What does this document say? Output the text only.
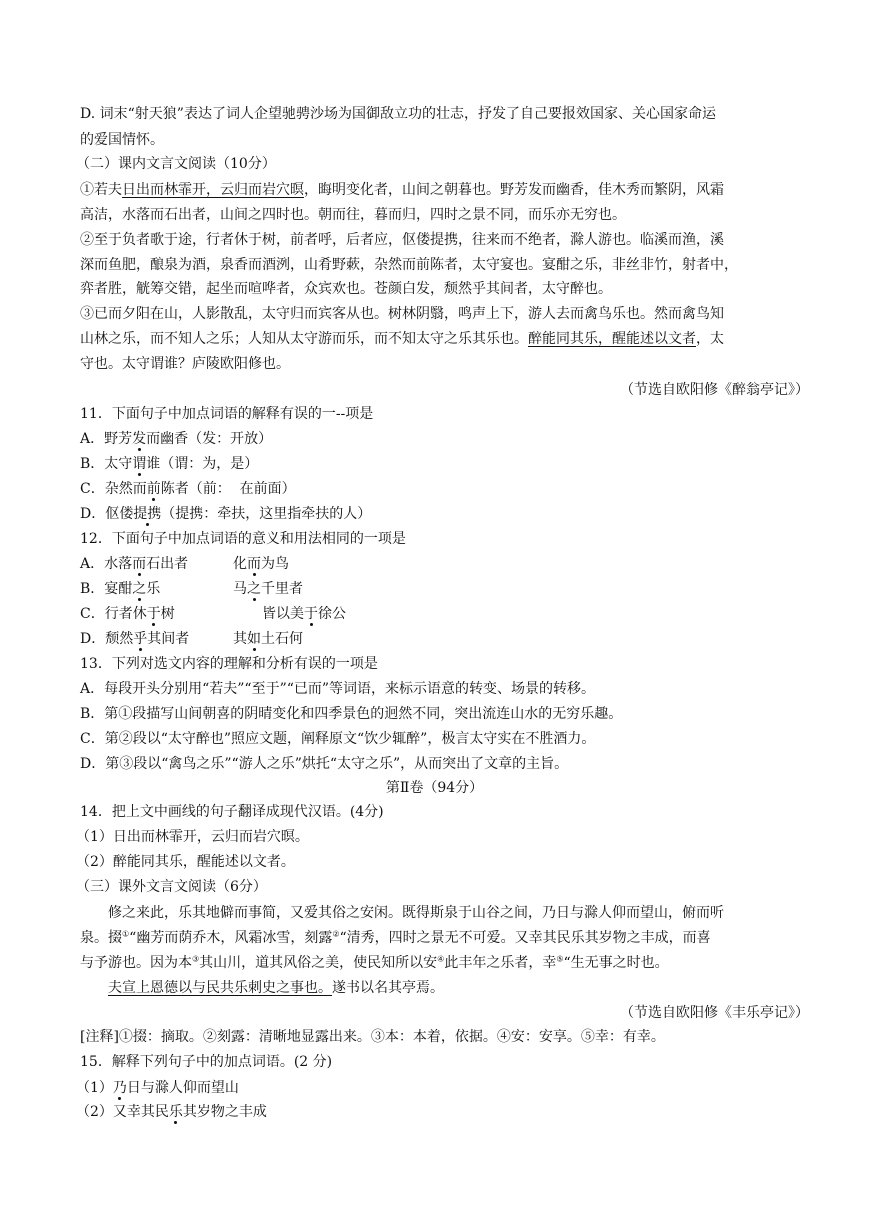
D. 词末“射天狼”表达了词人企望驰骋沙场为国御敌立功的壮志，抒发了自己要报效国家、关心国家命运
的爱国情怀。
（二）课内文言文阅读（10分）
①若夫日出而林霏开，云归而岩穴暝，晦明变化者，山间之朝暮也。野芳发而幽香，佳木秀而繁阴，风霜
高洁，水落而石出者，山间之四时也。朝而往，暮而归，四时之景不同，而乐亦无穷也。
②至于负者歌于途，行者休于树，前者呼，后者应，伛偻提携，往来而不绝者，滁人游也。临溪而渔，溪
深而鱼肥，酿泉为酒，泉香而酒洌，山肴野蔌，杂然而前陈者，太守宴也。宴酣之乐，非丝非竹，射者中，
弈者胜，觥筹交错，起坐而喧哗者，众宾欢也。苍颜白发，颓然乎其间者，太守醉也。
③已而夕阳在山，人影散乱，太守归而宾客从也。树林阴翳，鸣声上下，游人去而禽鸟乐也。然而禽鸟知
山林之乐，而不知人之乐；人知从太守游而乐，而不知太守之乐其乐也。醉能同其乐，醒能述以文者，太
守也。太守谓谁？庐陵欧阳修也。
（节选自欧阳修《醉翁亭记》）
11．下面句子中加点词语的解释有误的一--项是
A．野芳发而幽香（发：开放）
B．太守谓谁（谓：为，是）
C．杂然而前陈者（前：  在前面）
D．伛偻提携（提携：牵扶，这里指牵扶的人）
12．下面句子中加点词语的意义和用法相同的一项是
A．水落而石出者	化而为鸟
B．宴酣之乐	马之千里者
C．行者休于树	皆以美于徐公
D．颓然乎其间者	其如土石何
13．下列对选文内容的理解和分析有误的一项是
A．每段开头分别用“若夫”“至于”“已而”等词语，来标示语意的转变、场景的转移。
B．第①段描写山间朝喜的阴晴变化和四季景色的迥然不同，突出流连山水的无穷乐趣。
C．第②段以“太守醉也”照应文题，阐释原文“饮少辄醉”，极言太守实在不胜酒力。
D．第③段以“禽鸟之乐”“游人之乐”烘托“太守之乐”，从而突出了文章的主旨。
第Ⅱ卷（94分）
14．把上文中画线的句子翻译成现代汉语。(4分)
（1）日出而林霏开，云归而岩穴暝。
（2）醉能同其乐，醒能述以文者。
（三）课外文言文阅读（6分）
修之来此，乐其地僻而事简，又爱其俗之安闲。既得斯泉于山谷之间，乃日与滁人仰而望山，俯而听
泉。掇①“幽芳而荫乔木，风霜冰雪，刻露②“清秀，四时之景无不可爱。又幸其民乐其岁物之丰成，而喜
与予游也。因为本③其山川，道其风俗之美，使民知所以安④此丰年之乐者，幸⑤“生无事之时也。
夫宣上恩德以与民共乐刺史之事也。遂书以名其亭焉。
（节选自欧阳修《丰乐亭记》）
[注释]①掇：摘取。②刻露：清晰地显露出来。③本：本着，依据。④安：安享。⑤幸：有幸。
15．解释下列句子中的加点词语。(2 分)
（1）乃日与滁人仰而望山
（2）又幸其民乐其岁物之丰成
